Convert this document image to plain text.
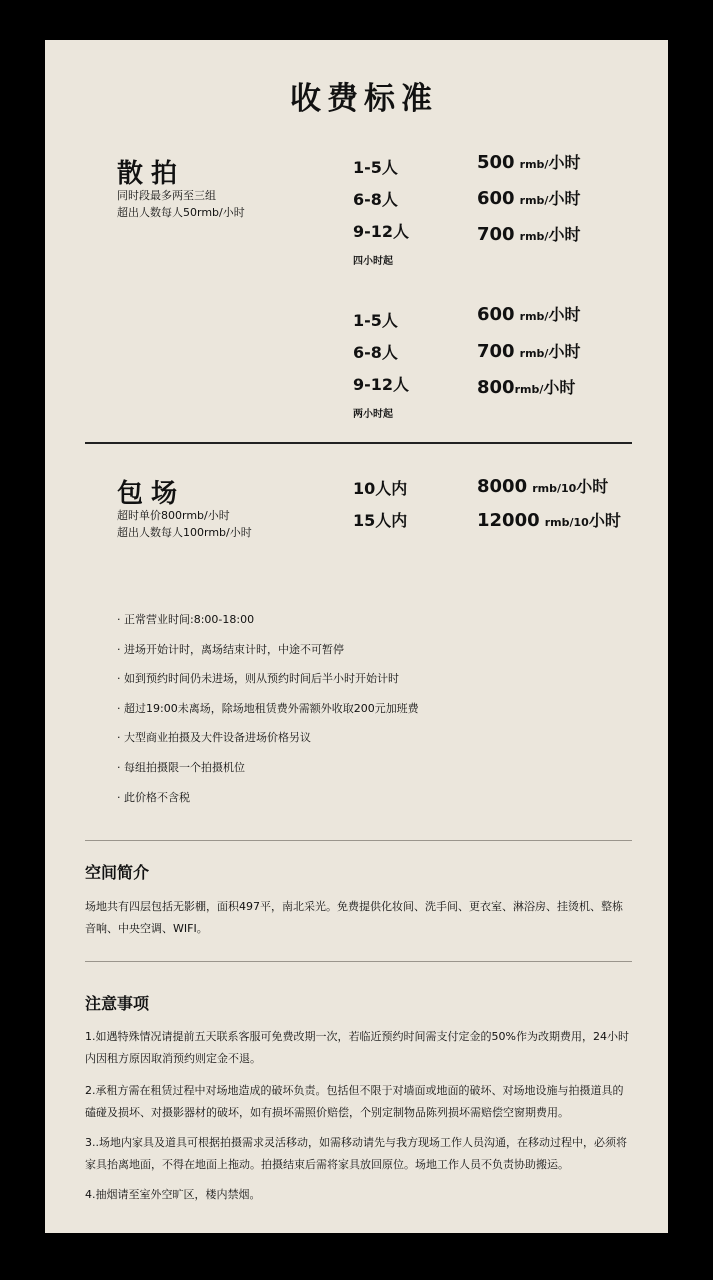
收费标准
散拍
同时段最多两至三组
超出人数每人50rmb/小时
1-5人	500 rmb/小时
6-8人	600 rmb/小时
9-12人	700 rmb/小时
四小时起
1-5人	600 rmb/小时
6-8人	700 rmb/小时
9-12人	800rmb/小时
两小时起
包场
超时单价800rmb/小时
超出人数每人100rmb/小时
10人内	8000 rmb/10小时
15人内	12000 rmb/10小时
· 正常营业时间:8:00-18:00
· 进场开始计时，离场结束计时，中途不可暂停
· 如到预约时间仍未进场，则从预约时间后半小时开始计时
· 超过19:00未离场，除场地租赁费外需额外收取200元加班费
· 大型商业拍摄及大件设备进场价格另议
· 每组拍摄限一个拍摄机位
· 此价格不含税
空间简介
场地共有四层包括无影棚，面积497平，南北采光。免费提供化妆间、洗手间、更衣室、淋浴房、挂烫机、整栋音响、中央空调、WIFI。
注意事项
1.如遇特殊情况请提前五天联系客服可免费改期一次，若临近预约时间需支付定金的50%作为改期费用，24小时内因租方原因取消预约则定金不退。
2.承租方需在租赁过程中对场地造成的破坏负责。包括但不限于对墙面或地面的破坏、对场地设施与拍摄道具的磕碰及损坏、对摄影器材的破坏，如有损坏需照价赔偿，个别定制物品陈列损坏需赔偿空窗期费用。
3..场地内家具及道具可根据拍摄需求灵活移动，如需移动请先与我方现场工作人员沟通，在移动过程中，必须将家具抬离地面，不得在地面上拖动。拍摄结束后需将家具放回原位。场地工作人员不负责协助搬运。
4.抽烟请至室外空旷区，楼内禁烟。
